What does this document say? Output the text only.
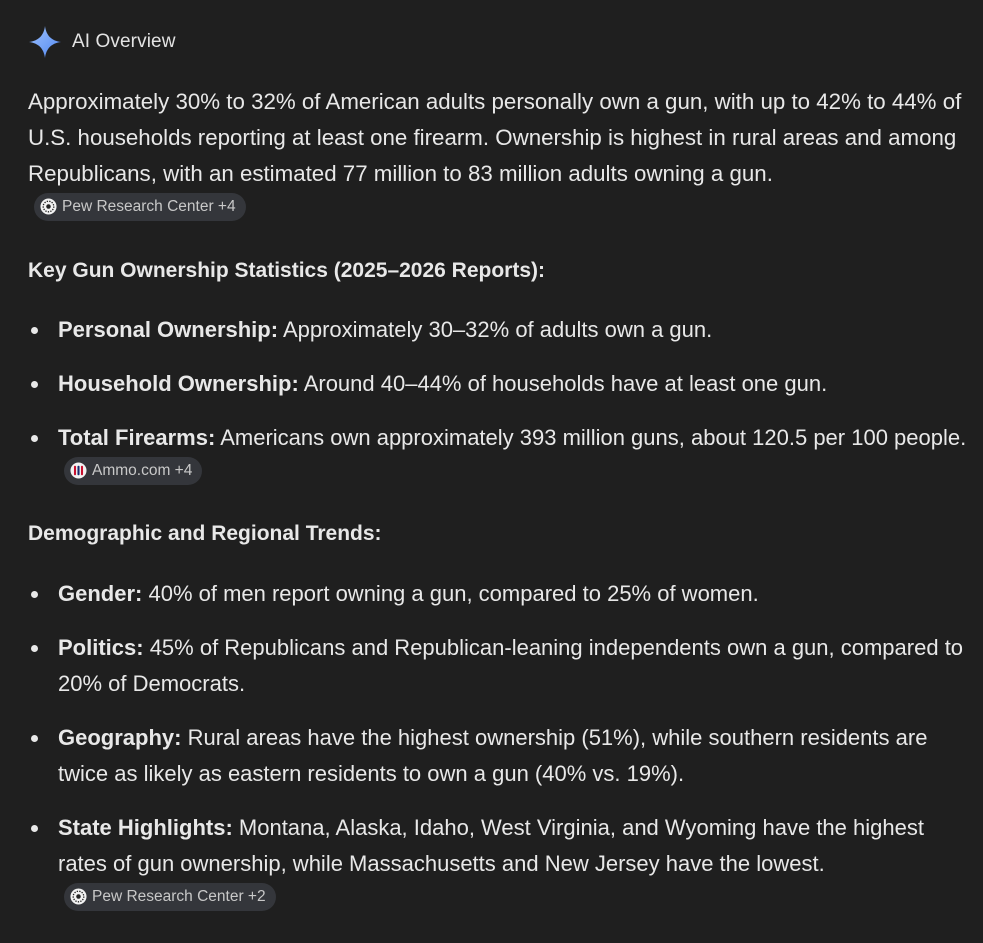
AI Overview

Approximately 30% to 32% of American adults personally own a gun, with up to 42% to 44% of U.S. households reporting at least one firearm. Ownership is highest in rural areas and among Republicans, with an estimated 77 million to 83 million adults owning a gun.
Pew Research Center +4

Key Gun Ownership Statistics (2025–2026 Reports):
Personal Ownership: Approximately 30–32% of adults own a gun.
Household Ownership: Around 40–44% of households have at least one gun.
Total Firearms: Americans own approximately 393 million guns, about 120.5 per 100 people.
Ammo.com +4
Demographic and Regional Trends:
Gender: 40% of men report owning a gun, compared to 25% of women.
Politics: 45% of Republicans and Republican-leaning independents own a gun, compared to 20% of Democrats.
Geography: Rural areas have the highest ownership (51%), while southern residents are twice as likely as eastern residents to own a gun (40% vs. 19%).
State Highlights: Montana, Alaska, Idaho, West Virginia, and Wyoming have the highest rates of gun ownership, while Massachusetts and New Jersey have the lowest.
Pew Research Center +2
